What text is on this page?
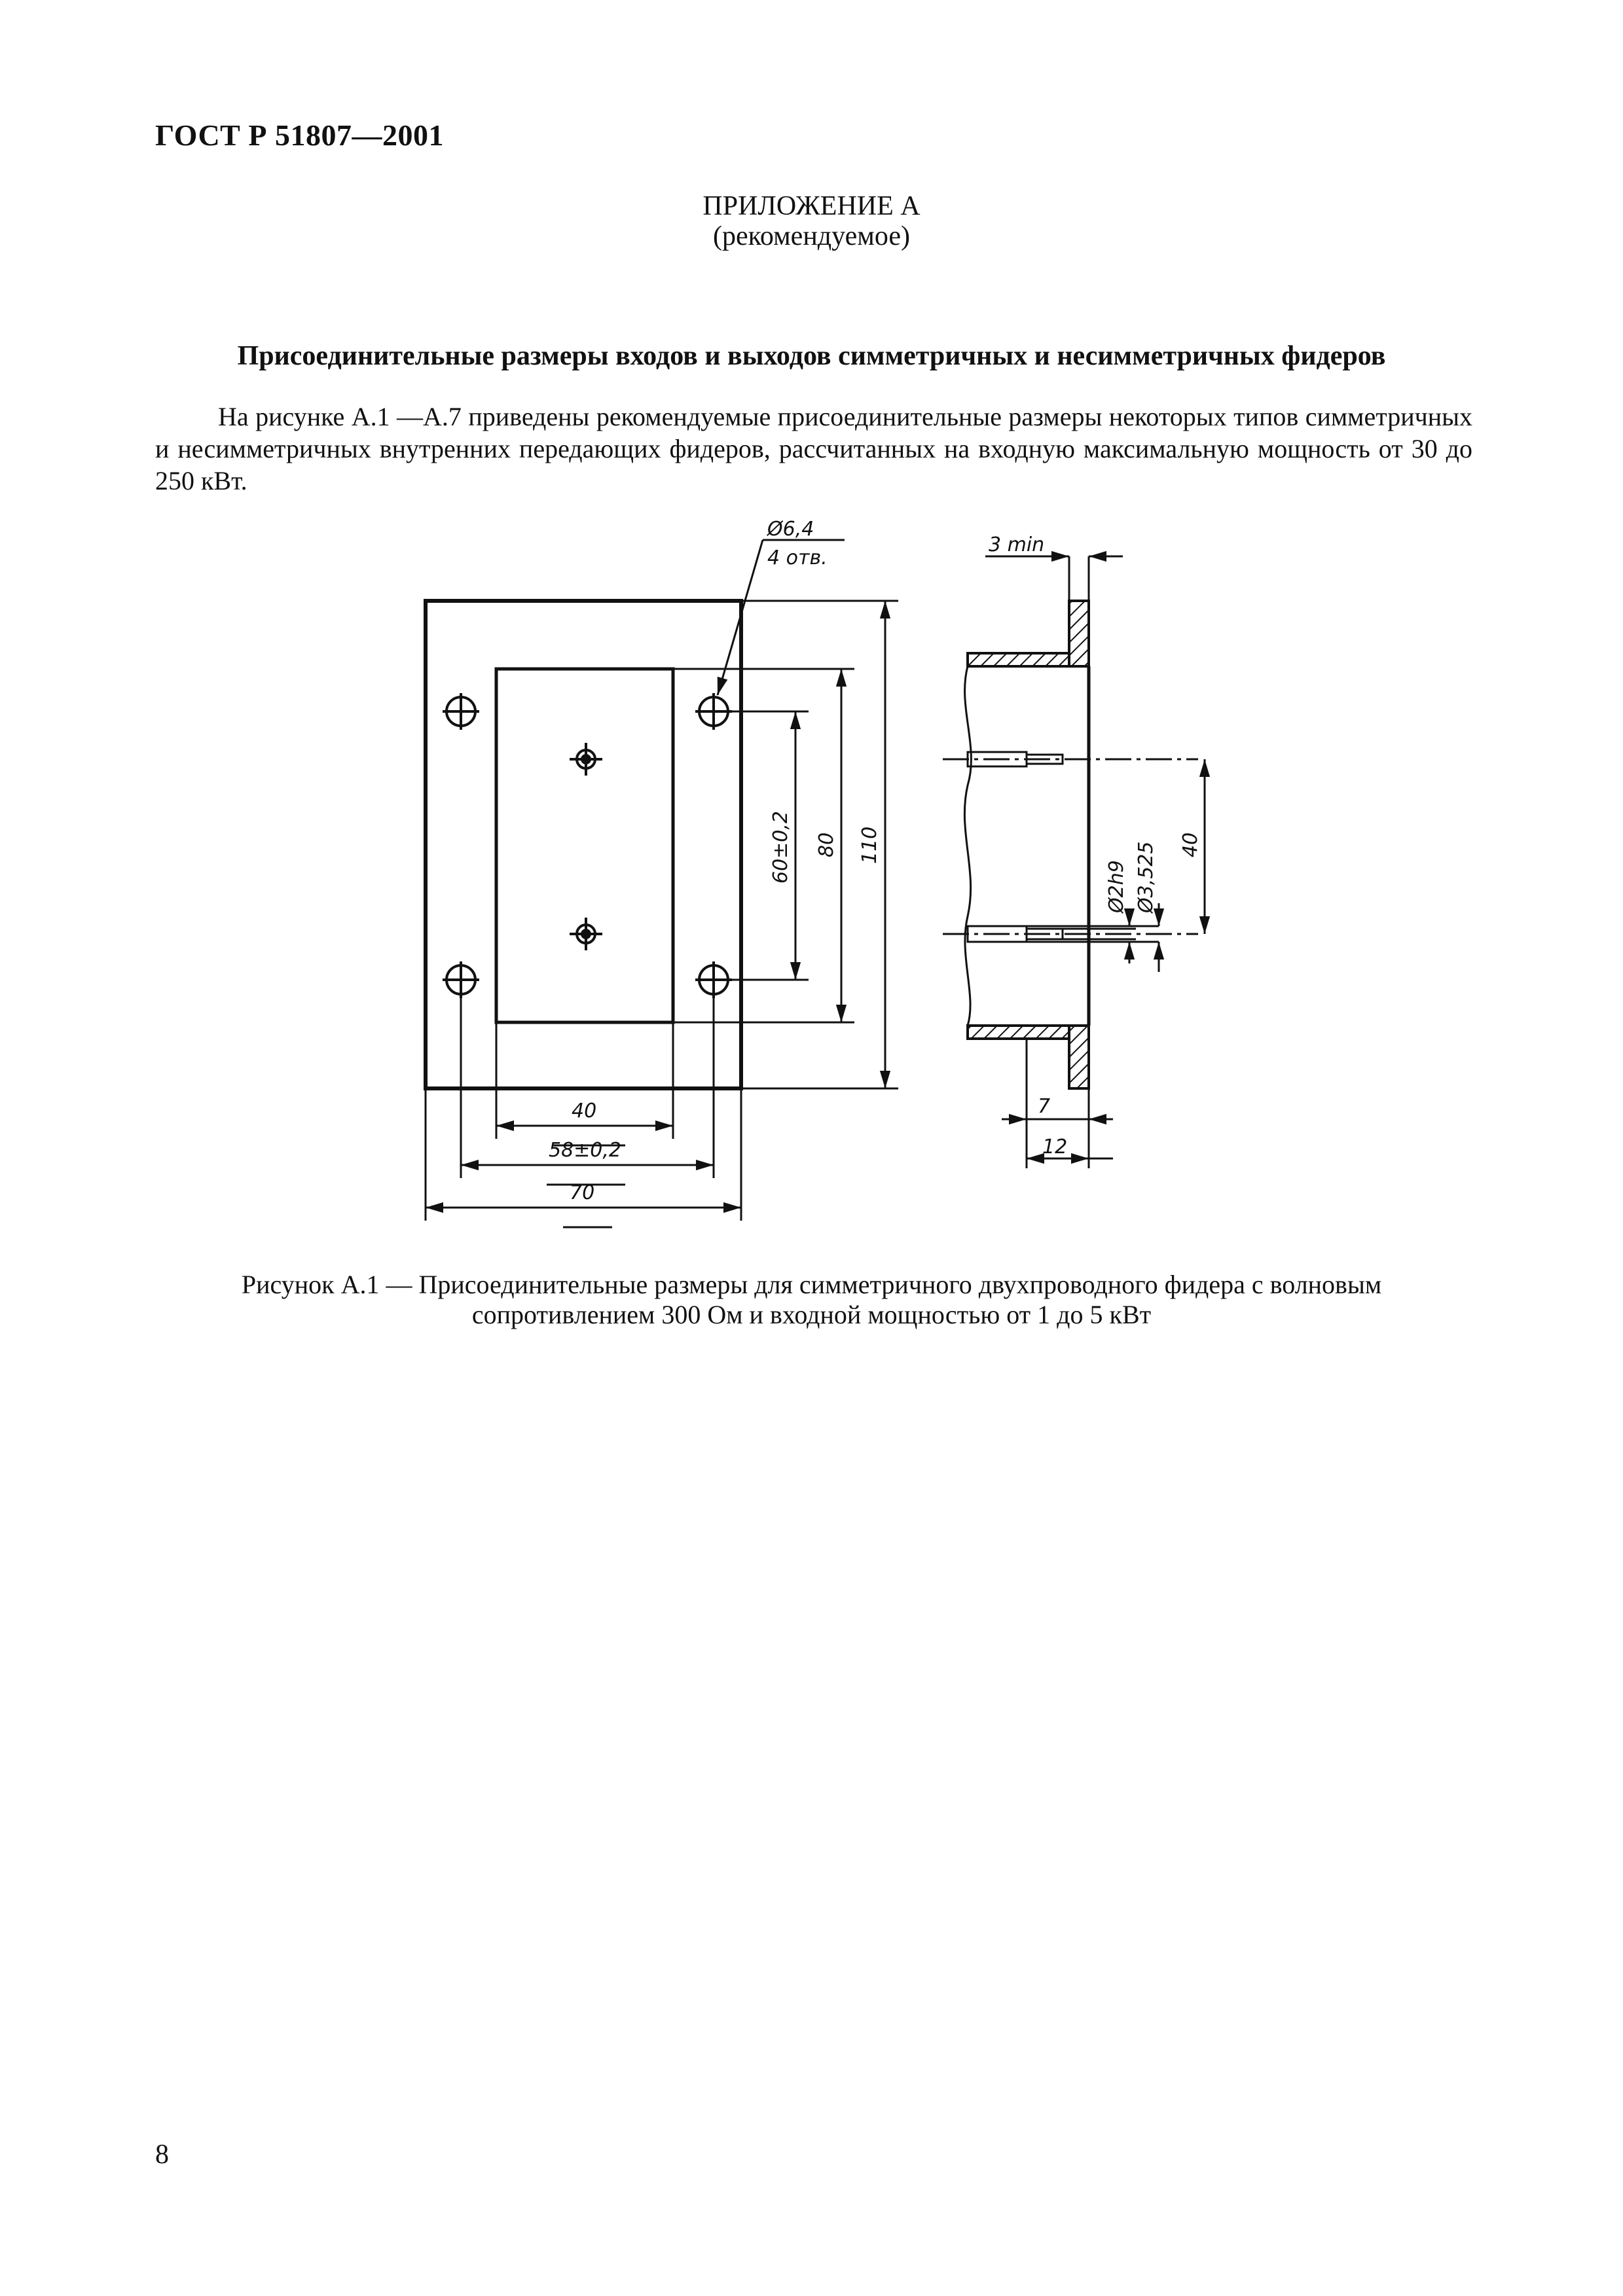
ГОСТ Р 51807—2001
ПРИЛОЖЕНИЕ А
(рекомендуемое)
Присоединительные размеры входов и выходов симметричных и несимметричных фидеров
На рисунке А.1 —А.7 приведены рекомендуемые присоединительные размеры некоторых типов симметричных и несимметричных внутренних передающих фидеров, рассчитанных на входную максимальную мощность от 30 до 250 кВт.
Ø6,4
4 отв.
60±0,2 80 110
40
58±0,2
70
3 min
Ø2h9 Ø3,525 40
7
12
Рисунок А.1 — Присоединительные размеры для симметричного двухпроводного фидера с волновым
сопротивлением 300 Ом и входной мощностью от 1 до 5 кВт
8
